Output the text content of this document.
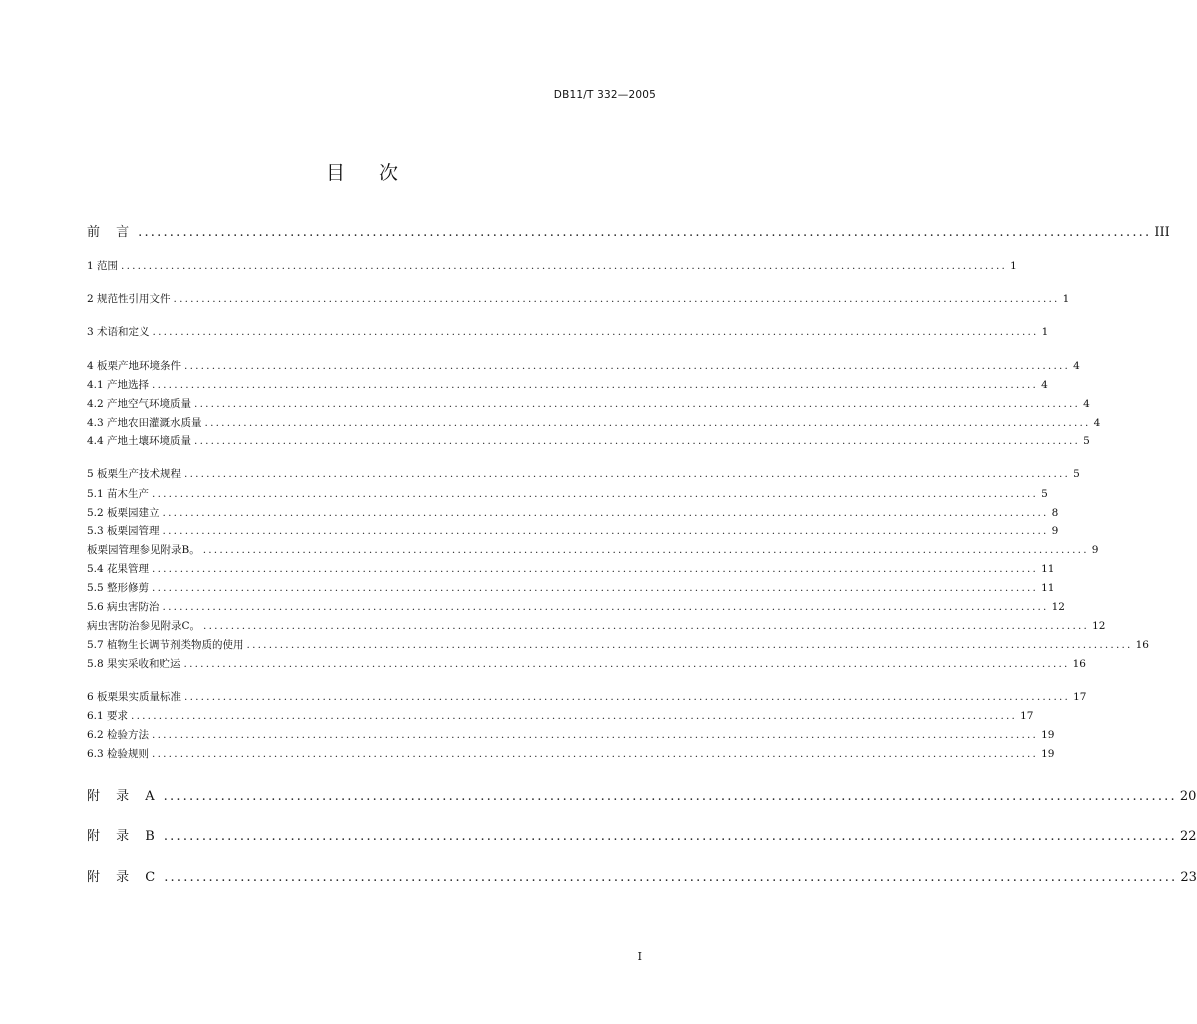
DB11/T 332—2005
目 次
前 言 ................................................................................................................................................................ III
1 范围 ................................................................................................................................................................ 1
2 规范性引用文件 ................................................................................................................................................................ 1
3 术语和定义 ................................................................................................................................................................ 1
4 板栗产地环境条件 ................................................................................................................................................................ 4
4.1 产地选择 ................................................................................................................................................................ 4
4.2 产地空气环境质量 ................................................................................................................................................................ 4
4.3 产地农田灌溉水质量 ................................................................................................................................................................ 4
4.4 产地土壤环境质量 ................................................................................................................................................................ 5
5 板栗生产技术规程 ................................................................................................................................................................ 5
5.1 苗木生产 ................................................................................................................................................................ 5
5.2 板栗园建立 ................................................................................................................................................................ 8
5.3 板栗园管理 ................................................................................................................................................................ 9
板栗园管理参见附录B。 ................................................................................................................................................................ 9
5.4 花果管理 ................................................................................................................................................................ 11
5.5 整形修剪 ................................................................................................................................................................ 11
5.6 病虫害防治 ................................................................................................................................................................ 12
病虫害防治参见附录C。 ................................................................................................................................................................ 12
5.7 植物生长调节剂类物质的使用 ................................................................................................................................................................ 16
5.8 果实采收和贮运 ................................................................................................................................................................ 16
6 板栗果实质量标准 ................................................................................................................................................................ 17
6.1 要求 ................................................................................................................................................................ 17
6.2 检验方法 ................................................................................................................................................................ 19
6.3 检验规则 ................................................................................................................................................................ 19
附 录 A ................................................................................................................................................................ 20
附 录 B ................................................................................................................................................................ 22
附 录 C ................................................................................................................................................................ 23
I
